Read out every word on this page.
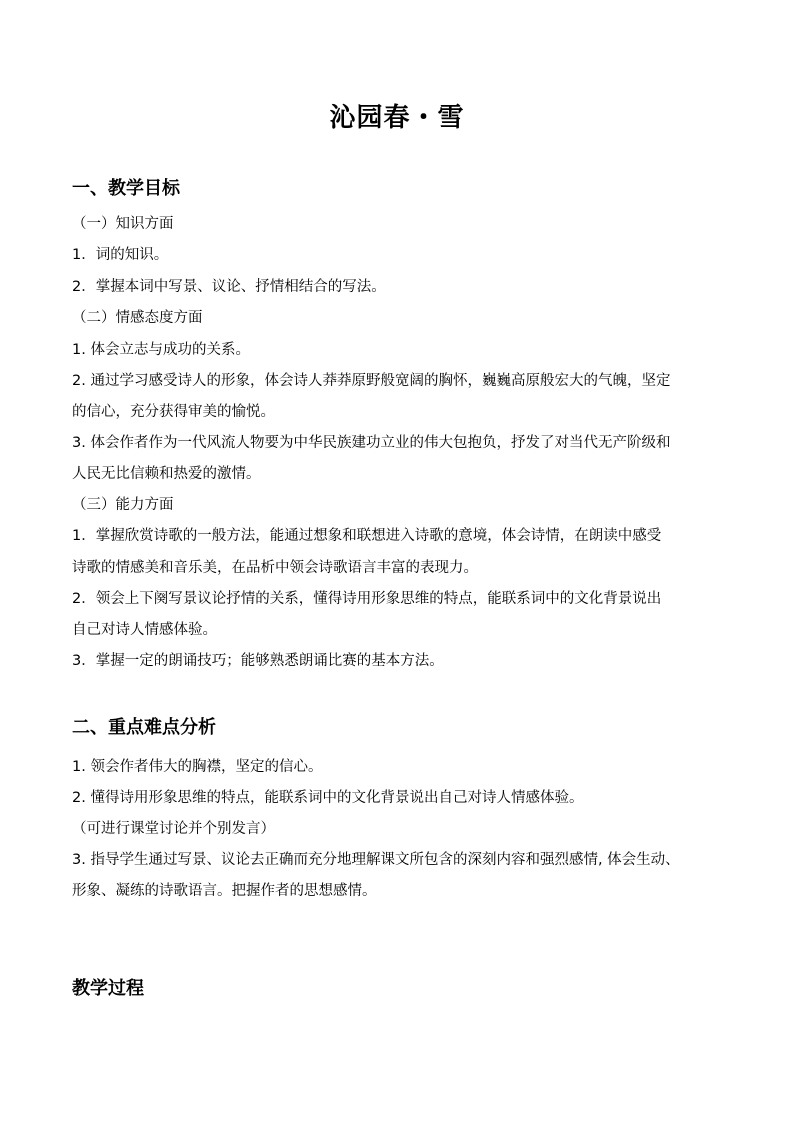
沁园春・雪
一、教学目标
（一）知识方面
1．词的知识。
2．掌握本词中写景、议论、抒情相结合的写法。
（二）情感态度方面
1. 体会立志与成功的关系。
2. 通过学习感受诗人的形象，体会诗人莽莽原野般宽阔的胸怀，巍巍高原般宏大的气魄，坚定
的信心，充分获得审美的愉悦。
3. 体会作者作为一代风流人物要为中华民族建功立业的伟大包抱负，抒发了对当代无产阶级和
人民无比信赖和热爱的激情。
（三）能力方面
1．掌握欣赏诗歌的一般方法，能通过想象和联想进入诗歌的意境，体会诗情，在朗读中感受
诗歌的情感美和音乐美，在品析中领会诗歌语言丰富的表现力。
2．领会上下阕写景议论抒情的关系，懂得诗用形象思维的特点，能联系词中的文化背景说出
自己对诗人情感体验。
3．掌握一定的朗诵技巧；能够熟悉朗诵比赛的基本方法。
二、重点难点分析
1. 领会作者伟大的胸襟，坚定的信心。
2. 懂得诗用形象思维的特点，能联系词中的文化背景说出自己对诗人情感体验。
（可进行课堂讨论并个别发言）
3. 指导学生通过写景、议论去正确而充分地理解课文所包含的深刻内容和强烈感情, 体会生动、
形象、凝练的诗歌语言。把握作者的思想感情。
教学过程
